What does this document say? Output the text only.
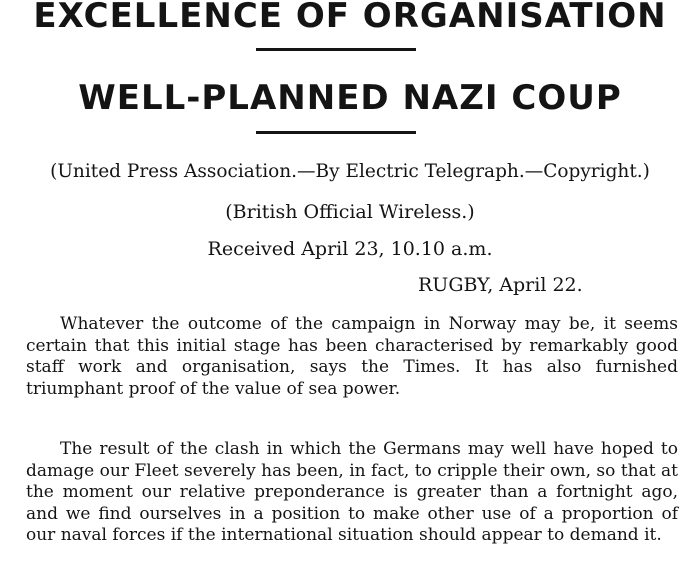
EXCELLENCE OF ORGANISATION
WELL-PLANNED NAZI COUP
(United Press Association.—By Electric Telegraph.—Copyright.)
(British Official Wireless.)
Received April 23, 10.10 a.m.
RUGBY, April 22.

Whatever the outcome of the campaign in Norway may be, it seems certain that this initial stage has been characterised by remarkably good staff work and organisation, says the Times. It has also furnished triumphant proof of the value of sea power.

The result of the clash in which the Germans may well have hoped to damage our Fleet severely has been, in fact, to cripple their own, so that at the moment our relative preponderance is greater than a fortnight ago, and we find ourselves in a position to make other use of a proportion of our naval forces if the international situation should appear to demand it.
